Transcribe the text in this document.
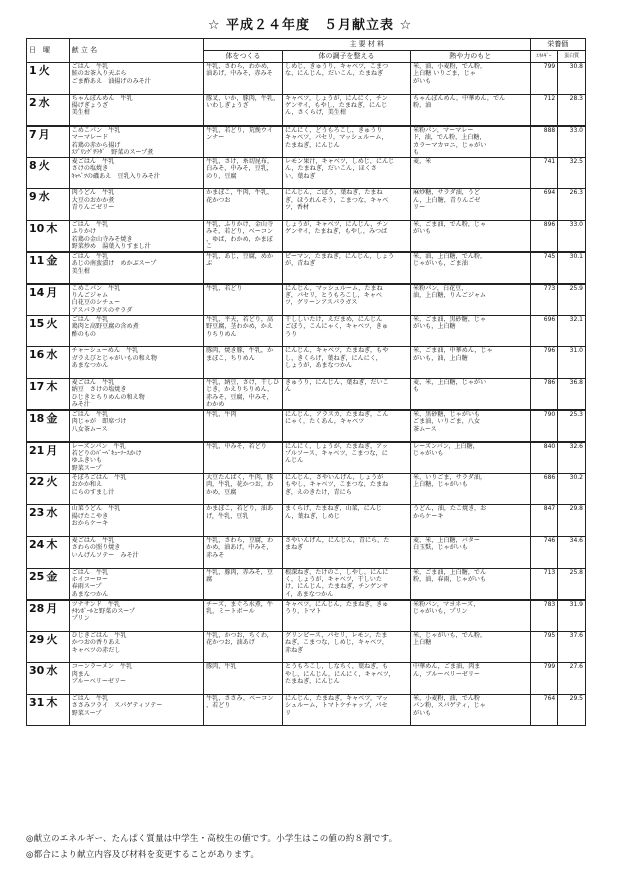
☆ 平成２４年度　５月献立表 ☆
日　曜	献 立 名	主 要 材 料			栄養価	
		体をつくる	体の調子を整える	熱や力のもと	ｴﾈﾙｷﾞｰ	蛋白質
1 火	ごはん　牛乳
鮭のお茶入り天ぷら
ごま酢あえ　油揚げのみそ汁	牛乳，さわら，わかめ，
油あげ，中みそ，赤みそ	しめじ，きゅうり，キャベツ，こまつ
な，にんじん，だいこん，たまねぎ	米，油，小麦粉，でん粉，
上白糖 いりごま，じゃ
がいも	799	30.8
2 水	ちゃんぽんめん　牛乳
揚げぎょうざ
美生柑	豚叉，いか，豚肉，牛乳，
いわしぎょうざ	キャベツ，しょうが，にんにく，チン
ゲンサイ，もやし，たまねぎ，にんじ
ん，さくらげ，美生柑	ちゃんぽんめん，中華めん，でん
粉，油	712	28.3
7 月	こめこパン　牛乳
マーマレード
若鶏の赤から揚げ
ｽﾌﾟﾘﾝｸﾞｻﾗﾀﾞ　野菜のスープ煮	牛乳，若どり，荒挽ウイ
ンナー	にんにく，どうもろこし，きゅうり
キャベツ，パセリ，マッシュルーム，
たまねぎ，にんじん	米粉パン，マーマレー
ド，油，でん粉，上白糖，
カラーマカロニ，じゃがい
も	888	33.0
8 火	麦ごはん　牛乳
さけの塩焼き
ｷｬﾍﾞﾂの磯あえ　豆乳入りみそ汁	牛乳，さけ，糸切昆布，
白みそ，中みそ，豆乳，
のり，豆腐	レモン果汁，キャベツ，しめじ，にんじ
ん，たまねぎ，だいこん，ほくさ
い，葉ねぎ	麦，米	741	32.5
9 水	肉うどん　牛乳
大豆のおかか煮
青りんごゼリー	かまぼこ，牛肉，牛乳，
花かつお	にんじん，ごぼう，葉ねぎ，たまね
ぎ，ほうれんそう，こまつな，キャベ
ツ，香材	麻炒糖，サラダ油，うど
ん，上白糖，青りんごゼ
リー	694	26.3
10 木	ごはん　牛乳
ふりかけ
若鶏の金山寺みそ焼き
野菜炒め　湯葉入りすまし汁	牛乳，ふりかけ，金山寺
みそ，若どり，ベーコン
，ゆば，わかめ，かまぼ
こ	しょうが，キャベツ，にんじん，チン
ゲンサイ，たまねぎ，もやし，みつば	米，ごま油，でん粉，じゃ
がいも	896	33.0
11 金	ごはん　牛乳
あじの南蛮漬け　めかぶスープ
美生柑	牛乳，あじ，豆腐，めか
ぶ	ピーマン，たまねぎ，にんじん，しょう
が，青ねぎ	米，油，上白糖，でん粉，
じゃがいも，ごま油	745	30.1
14 月	こめこパン　牛乳
りんごジャム
白花豆のシチュー
アスパラガスのサラダ	牛乳，若どり	にんじん，マッシュルーム，たまね
ぎ，パセリ，とうもろこし，キャベ
ツ，グリーンアスパラガス	米粉パン，白花豆，
油，上白糖，りんごジャム	773	25.9
15 火	ごはん　牛乳
鶏肉と高野豆腐の含め煮
酢のもの	牛乳，平天，若どり，高
野豆腐，茎わかめ，かえ
りちりめん	干ししいたけ，えだまめ，にんじん
ごぼう，こんにゃく，キャベツ，きゅ
うり	米，ごま油，黒砂糖，じゃ
がいも，上白糖	696	32.1
16 水	チャーシューめん　牛乳
ガラえびとじゃがいもの和え物
あまなつかん	豚肉，焼き豚，牛乳，か
まぼこ，ちりめん	にんじん，キャベツ，たまねぎ，もや
し，きくらげ，葉ねぎ，にんにく，
しょうが，あまなつかん	米，ごま油，中華めん，じゃ
がいも，油，上白糖	796	31.0
17 木	麦ごはん　牛乳
納豆　さけの塩焼き
ひじきとちりめんの和え物
みそ汁	牛乳，納豆，さけ，干しひ
じき，かえりちりめん，
赤みそ，豆腐，中みそ，
わかめ	きゅうり，にんじん，葉ねぎ，だいこ
ん	麦，米，上白糖，じゃがい
も	786	36.8
18 金	ごはん　牛乳
肉じゃが　即席づけ
八女茶ムース	牛乳，牛肉	にんじん，アラスカ，たまねぎ，こん
にゃく，たくあん，キャベツ	米，黒砂糖，じゃがいも
ごま油，いりごま，八女
茶ムース	790	25.3
21 月	レーズンパン　牛乳
若どりのﾊﾞｰﾍﾞｷｭｰｿｰｽかけ
ゆふきいも
野菜スープ	牛乳，中みそ，若どり	にんにく，しょうが，たまねぎ，アッ
プルソース，キャベツ，こまつな，に
んじん	レーズンパン，上白糖，
じゃがいも	840	32.6
22 火	そぼろごはん　牛乳
おかか和え
にらのすまし汁	大豆たんぱく，牛肉，豚
肉，牛乳，花かつお，わ
かめ，豆腐	にんじん，さやいんげん，しょうが
もやし，キャベツ，こまつな，たまね
ぎ，えのきたけ，青にら	米，いりごま，サラダ油，
上白糖，じゃがいも	686	30.2
23 水	山菜うどん　牛乳
揚げたこやき
おからケーキ	かまぼこ，若どり，油あ
げ，牛乳，豆乳	まくらげ，たまねぎ，山菜，にんじ
ん，葉ねぎ，しめじ	うどん，油，たこ焼き，お
からケーキ	847	29.8
24 木	麦ごはん　牛乳
さわらの照り焼き
いんげんソテー　みそ汁	牛乳，さわら，豆腐，わ
かめ，油あげ，中みそ，
赤みそ	さやいんげん，にんじん，青にら，た
まねぎ	麦，米，上白糖，バター
白玉麩，じゃがいも	746	34.6
25 金	ごはん　牛乳
ホイコーロー
春雨スープ
あまなつかん	牛乳，豚肉，赤みそ，豆
腐	根深ねぎ，たけのこ，しやし，にんに
く，しょうが，キャベツ，干しいた
け，にんじん，たまねぎ，チンゲンサ
イ，あまなつかん	米，ごま油，上白糖，でん
粉，油，春雨，じゃがいも	713	25.8
28 月	ツナサンド　牛乳
ﾁｷﾝﾎﾞｰﾙと野菜のスープ
プリン	チーズ，まぐろ水煮，牛
乳，ミートボール	キャベツ，にんじん，たまねぎ，きゅ
うり，トマト	米粉パン，マヨネーズ，
じゃがいも，プリン	783	31.9
29 火	ひじきごはん　牛乳
かつおの香りあえ
キャベツの赤だし	牛乳，かつお，ちくわ，
花かつお，油あげ	グリンピース，パセリ，レモン，たま
ねぎ，こまつな，しめじ，キャベツ，
赤ねぎ	米，じゃがいも，でん粉，
上白糖	795	37.6
30 水	コーンラーメン　牛乳
肉まん
ブルーベリーゼリー	豚肉，牛乳	とうもろこし，しなちく，葉ねぎ，も
やし，にんじん，にんにく，キャベツ，
たまねぎ，にんじん	中華めん，ごま油，肉ま
ん，ブルーベリーゼリー	799	27.6
31 木	ごはん　牛乳
ささみフライ　スパゲティソテー
野菜スープ	牛乳，ささみ，ベーコン
，若どり	にんじん，たまねぎ，キャベツ，マッ
シュルーム，トマトケチャップ，パセ
リ	米，小麦粉，油，でん粉
パン粉，スパゲティ，じゃ
がいも	764	29.5
◎献立のエネルギー、たんぱく質量は中学生・高校生の値です。小学生はこの値の約８割です。
◎都合により献立内容及び材料を変更することがあります。
